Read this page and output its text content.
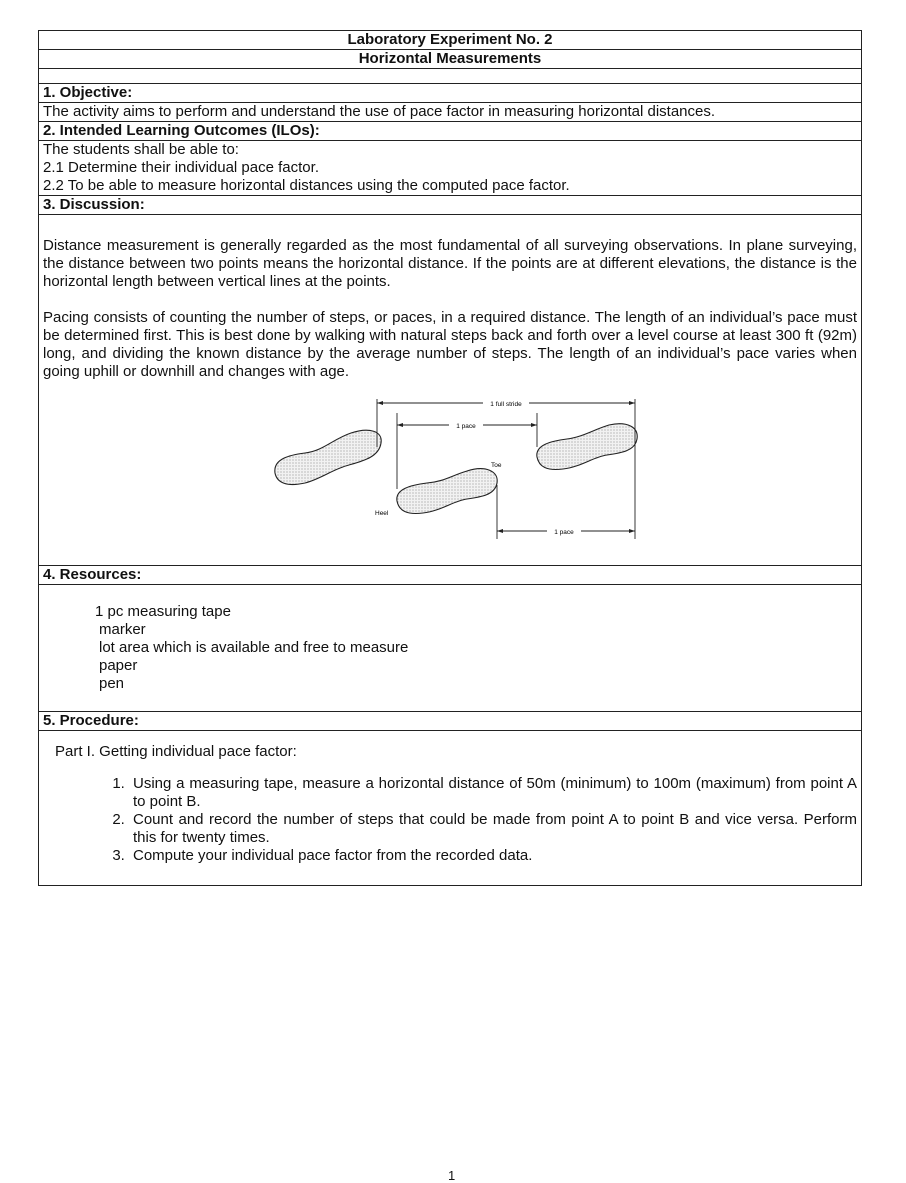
Laboratory Experiment No. 2
Horizontal Measurements

1. Objective:
The activity aims to perform and understand the use of pace factor in measuring horizontal distances.
2. Intended Learning Outcomes (ILOs):

The students shall be able to:
2.1 Determine their individual pace factor.
2.2 To be able to measure horizontal distances using the computed pace factor.

3. Discussion:

Distance measurement is generally regarded as the most fundamental of all surveying observations. In plane surveying, the distance between two points means the horizontal distance. If the points are at different elevations, the distance is the horizontal length between vertical lines at the points.

Pacing consists of counting the number of steps, or paces, in a required distance. The length of an individual’s pace must be determined first. This is best done by walking with natural steps back and forth over a level course at least 300 ft (92m) long, and dividing the known distance by the average number of steps. The length of an individual’s pace varies when going uphill or downhill and changes with age.

1 full stride
1 pace
1 pace
Toe
Heel

4. Resources:

1 pc measuring tape
marker
lot area which is available and free to measure
paper
pen

5. Procedure:

Part I. Getting individual pace factor:
1. Using a measuring tape, measure a horizontal distance of 50m (minimum) to 100m (maximum) from point A to point B.
2. Count and record the number of steps that could be made from point A to point B and vice versa. Perform this for twenty times.
3. Compute your individual pace factor from the recorded data.
1
